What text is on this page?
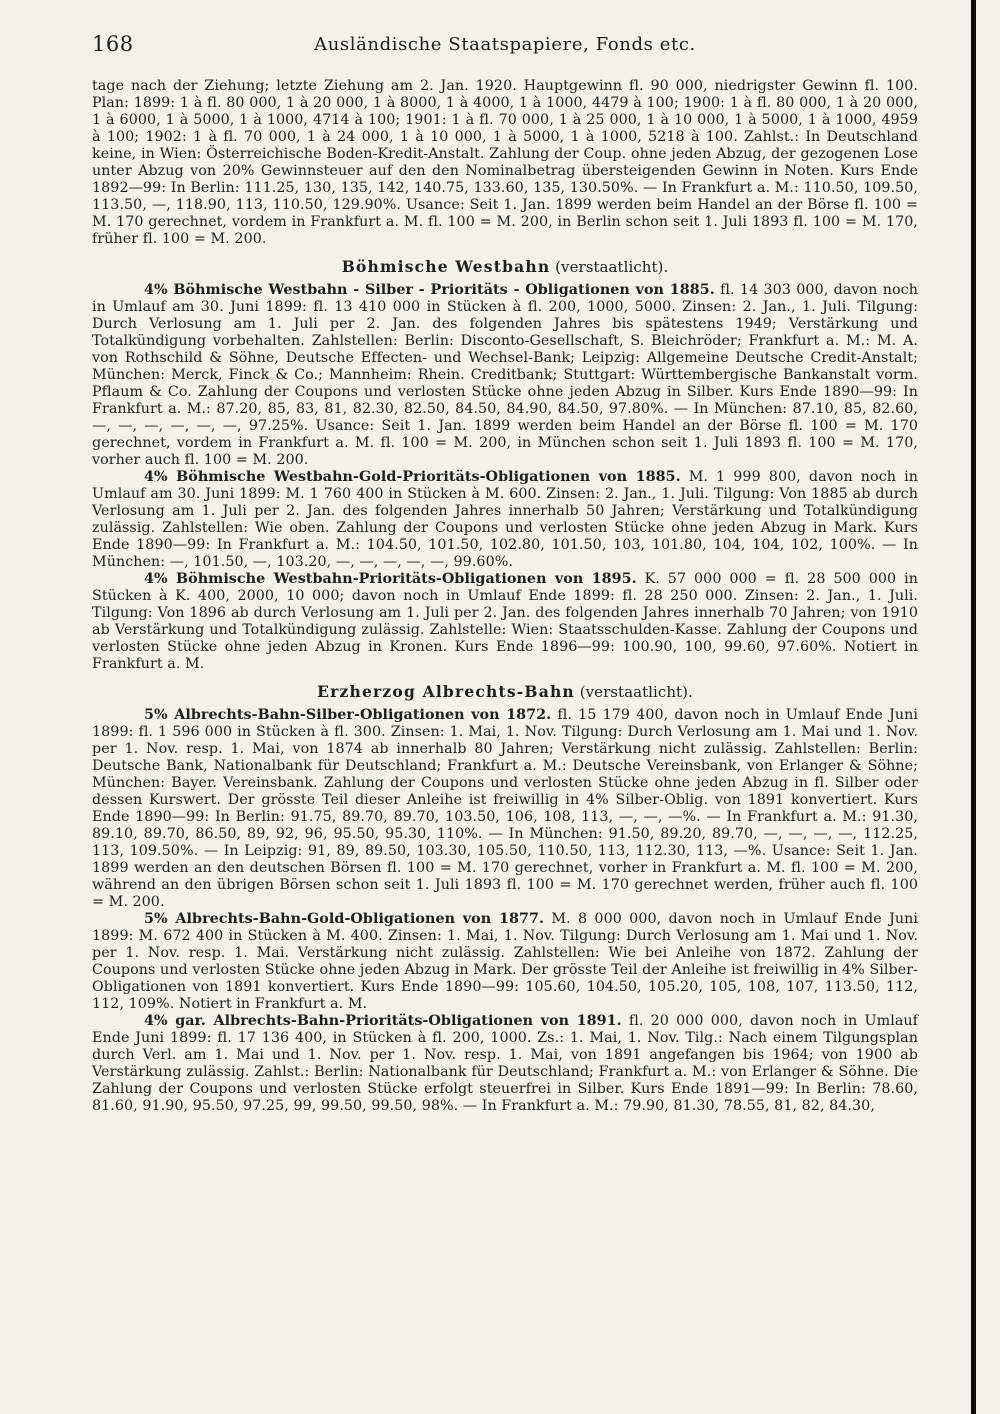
168	Ausländische Staatspapiere, Fonds etc.

tage nach der Ziehung; letzte Ziehung am 2. Jan. 1920. Hauptgewinn fl. 90 000, niedrigster Gewinn fl. 100. Plan: 1899: 1 à fl. 80 000, 1 à 20 000, 1 à 8000, 1 à 4000, 1 à 1000, 4479 à 100; 1900: 1 à fl. 80 000, 1 à 20 000, 1 à 6000, 1 à 5000, 1 à 1000, 4714 à 100; 1901: 1 à fl. 70 000, 1 à 25 000, 1 à 10 000, 1 à 5000, 1 à 1000, 4959 à 100; 1902: 1 à fl. 70 000, 1 à 24 000, 1 à 10 000, 1 à 5000, 1 à 1000, 5218 à 100. Zahlst.: In Deutschland keine, in Wien: Österreichische Boden-Kredit-Anstalt. Zahlung der Coup. ohne jeden Abzug, der gezogenen Lose unter Abzug von 20% Gewinnsteuer auf den den Nominalbetrag übersteigenden Gewinn in Noten. Kurs Ende 1892—99: In Berlin: 111.25, 130, 135, 142, 140.75, 133.60, 135, 130.50%. — In Frankfurt a. M.: 110.50, 109.50, 113.50, —, 118.90, 113, 110.50, 129.90%. Usance: Seit 1. Jan. 1899 werden beim Handel an der Börse fl. 100 = M. 170 gerechnet, vordem in Frankfurt a. M. fl. 100 = M. 200, in Berlin schon seit 1. Juli 1893 fl. 100 = M. 170, früher fl. 100 = M. 200.

Böhmische Westbahn (verstaatlicht).

4% Böhmische Westbahn - Silber - Prioritäts - Obligationen von 1885. fl. 14 303 000, davon noch in Umlauf am 30. Juni 1899: fl. 13 410 000 in Stücken à fl. 200, 1000, 5000. Zinsen: 2. Jan., 1. Juli. Tilgung: Durch Verlosung am 1. Juli per 2. Jan. des folgenden Jahres bis spätestens 1949; Verstärkung und Totalkündigung vorbehalten. Zahlstellen: Berlin: Disconto-Gesellschaft, S. Bleichröder; Frankfurt a. M.: M. A. von Rothschild & Söhne, Deutsche Effecten- und Wechsel-Bank; Leipzig: Allgemeine Deutsche Credit-Anstalt; München: Merck, Finck & Co.; Mannheim: Rhein. Creditbank; Stuttgart: Württembergische Bankanstalt vorm. Pflaum & Co. Zahlung der Coupons und verlosten Stücke ohne jeden Abzug in Silber. Kurs Ende 1890—99: In Frankfurt a. M.: 87.20, 85, 83, 81, 82.30, 82.50, 84.50, 84.90, 84.50, 97.80%. — In München: 87.10, 85, 82.60, —, —, —, —, —, —, 97.25%. Usance: Seit 1. Jan. 1899 werden beim Handel an der Börse fl. 100 = M. 170 gerechnet, vordem in Frankfurt a. M. fl. 100 = M. 200, in München schon seit 1. Juli 1893 fl. 100 = M. 170, vorher auch fl. 100 = M. 200.

4% Böhmische Westbahn-Gold-Prioritäts-Obligationen von 1885. M. 1 999 800, davon noch in Umlauf am 30. Juni 1899: M. 1 760 400 in Stücken à M. 600. Zinsen: 2. Jan., 1. Juli. Tilgung: Von 1885 ab durch Verlosung am 1. Juli per 2. Jan. des folgenden Jahres innerhalb 50 Jahren; Verstärkung und Totalkündigung zulässig. Zahlstellen: Wie oben. Zahlung der Coupons und verlosten Stücke ohne jeden Abzug in Mark. Kurs Ende 1890—99: In Frankfurt a. M.: 104.50, 101.50, 102.80, 101.50, 103, 101.80, 104, 104, 102, 100%. — In München: —, 101.50, —, 103.20, —, —, —, —, —, 99.60%.

4% Böhmische Westbahn-Prioritäts-Obligationen von 1895. K. 57 000 000 = fl. 28 500 000 in Stücken à K. 400, 2000, 10 000; davon noch in Umlauf Ende 1899: fl. 28 250 000. Zinsen: 2. Jan., 1. Juli. Tilgung: Von 1896 ab durch Verlosung am 1. Juli per 2. Jan. des folgenden Jahres innerhalb 70 Jahren; von 1910 ab Verstärkung und Totalkündigung zulässig. Zahlstelle: Wien: Staatsschulden-Kasse. Zahlung der Coupons und verlosten Stücke ohne jeden Abzug in Kronen. Kurs Ende 1896—99: 100.90, 100, 99.60, 97.60%. Notiert in Frankfurt a. M.

Erzherzog Albrechts-Bahn (verstaatlicht).

5% Albrechts-Bahn-Silber-Obligationen von 1872. fl. 15 179 400, davon noch in Umlauf Ende Juni 1899: fl. 1 596 000 in Stücken à fl. 300. Zinsen: 1. Mai, 1. Nov. Tilgung: Durch Verlosung am 1. Mai und 1. Nov. per 1. Nov. resp. 1. Mai, von 1874 ab innerhalb 80 Jahren; Verstärkung nicht zulässig. Zahlstellen: Berlin: Deutsche Bank, Nationalbank für Deutschland; Frankfurt a. M.: Deutsche Vereinsbank, von Erlanger & Söhne; München: Bayer. Vereinsbank. Zahlung der Coupons und verlosten Stücke ohne jeden Abzug in fl. Silber oder dessen Kurswert. Der grösste Teil dieser Anleihe ist freiwillig in 4% Silber-Oblig. von 1891 konvertiert. Kurs Ende 1890—99: In Berlin: 91.75, 89.70, 89.70, 103.50, 106, 108, 113, —, —, —%. — In Frankfurt a. M.: 91.30, 89.10, 89.70, 86.50, 89, 92, 96, 95.50, 95.30, 110%. — In München: 91.50, 89.20, 89.70, —, —, —, —, 112.25, 113, 109.50%. — In Leipzig: 91, 89, 89.50, 103.30, 105.50, 110.50, 113, 112.30, 113, —%. Usance: Seit 1. Jan. 1899 werden an den deutschen Börsen fl. 100 = M. 170 gerechnet, vorher in Frankfurt a. M. fl. 100 = M. 200, während an den übrigen Börsen schon seit 1. Juli 1893 fl. 100 = M. 170 gerechnet werden, früher auch fl. 100 = M. 200.

5% Albrechts-Bahn-Gold-Obligationen von 1877. M. 8 000 000, davon noch in Umlauf Ende Juni 1899: M. 672 400 in Stücken à M. 400. Zinsen: 1. Mai, 1. Nov. Tilgung: Durch Verlosung am 1. Mai und 1. Nov. per 1. Nov. resp. 1. Mai. Verstärkung nicht zulässig. Zahlstellen: Wie bei Anleihe von 1872. Zahlung der Coupons und verlosten Stücke ohne jeden Abzug in Mark. Der grösste Teil der Anleihe ist freiwillig in 4% Silber-Obligationen von 1891 konvertiert. Kurs Ende 1890—99: 105.60, 104.50, 105.20, 105, 108, 107, 113.50, 112, 112, 109%. Notiert in Frankfurt a. M.

4% gar. Albrechts-Bahn-Prioritäts-Obligationen von 1891. fl. 20 000 000, davon noch in Umlauf Ende Juni 1899: fl. 17 136 400, in Stücken à fl. 200, 1000. Zs.: 1. Mai, 1. Nov. Tilg.: Nach einem Tilgungsplan durch Verl. am 1. Mai und 1. Nov. per 1. Nov. resp. 1. Mai, von 1891 angefangen bis 1964; von 1900 ab Verstärkung zulässig. Zahlst.: Berlin: Nationalbank für Deutschland; Frankfurt a. M.: von Erlanger & Söhne. Die Zahlung der Coupons und verlosten Stücke erfolgt steuerfrei in Silber. Kurs Ende 1891—99: In Berlin: 78.60, 81.60, 91.90, 95.50, 97.25, 99, 99.50, 99.50, 98%. — In Frankfurt a. M.: 79.90, 81.30, 78.55, 81, 82, 84.30,
